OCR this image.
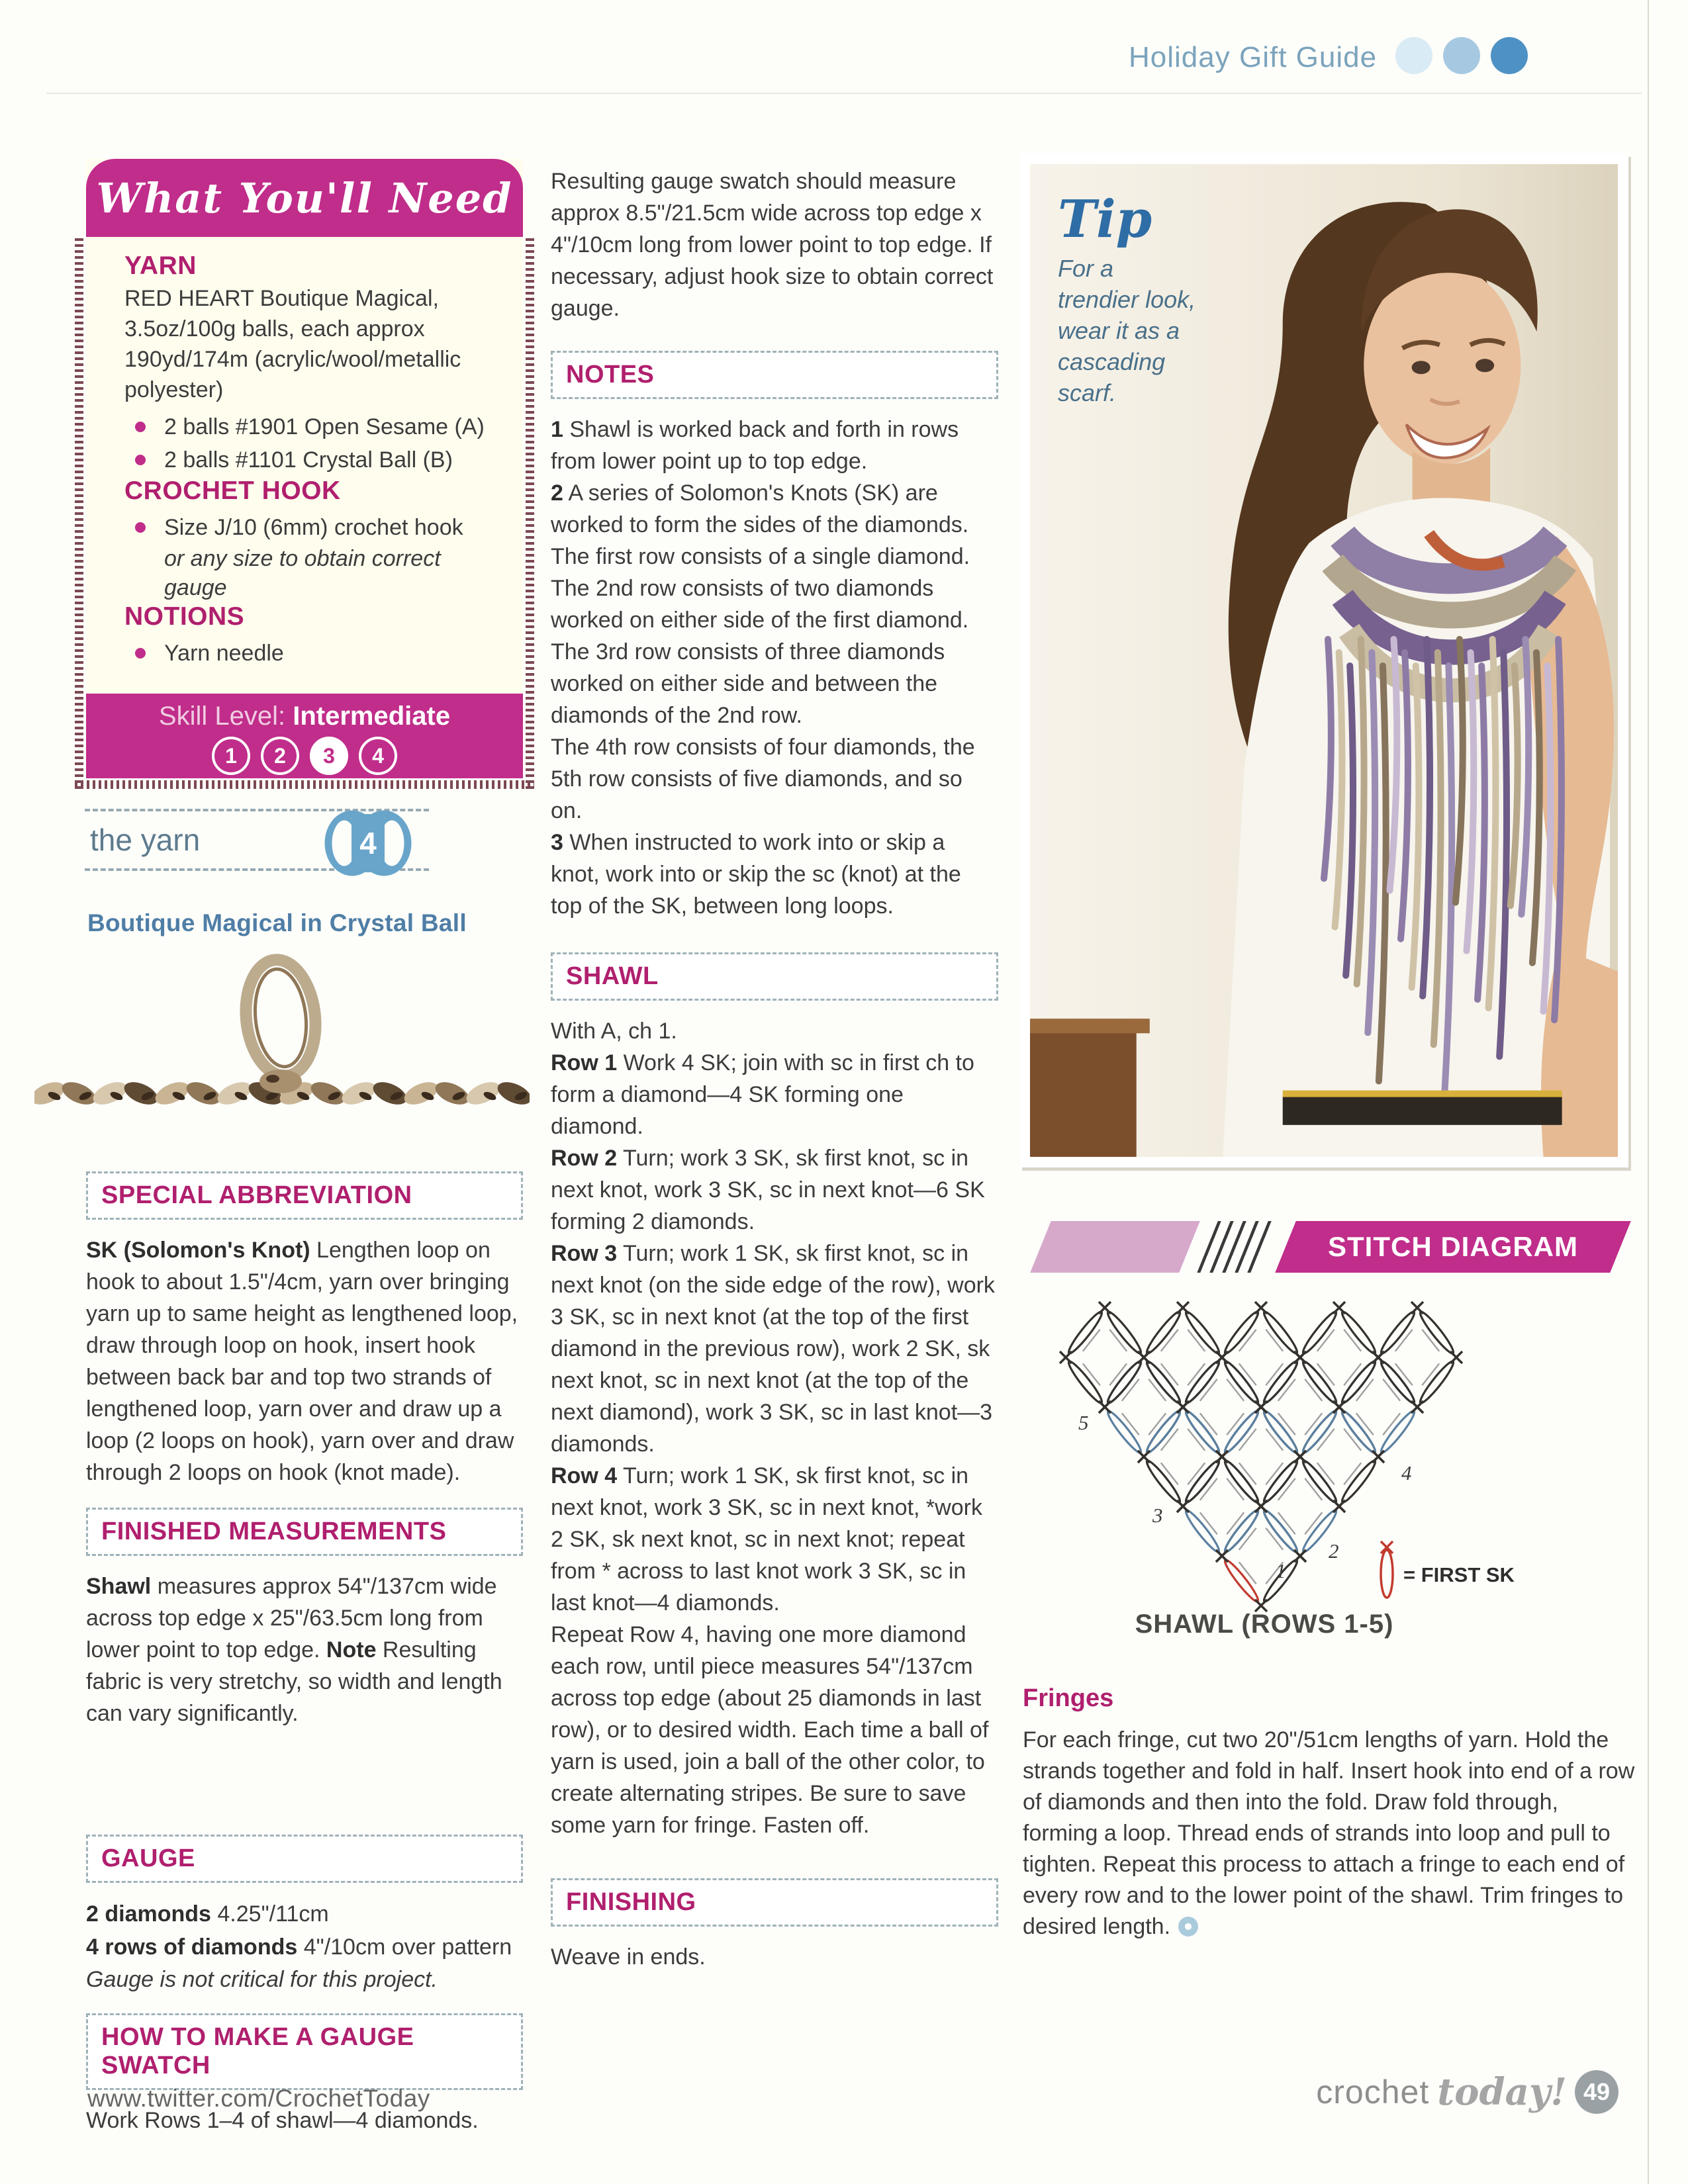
Holiday Gift Guide
What You'll Need
YARN

RED HEART Boutique Magical, 3.5oz/100g balls, each approx 190yd/174m (acrylic/wool/metallic polyester)

2 balls #1901 Open Sesame (A)
2 balls #1101 Crystal Ball (B)
CROCHET HOOK
Size J/10 (6mm) crochet hook
or any size to obtain correct gauge
NOTIONS
Yarn needle
Skill Level: Intermediate
1	2	3	4
the yarn	4
Boutique Magical in Crystal Ball
SPECIAL ABBREVIATION
SK (Solomon's Knot) Lengthen loop on hook to about 1.5"/4cm, yarn over bringing yarn up to same height as lengthened loop, draw through loop on hook, insert hook between back bar and top two strands of lengthened loop, yarn over and draw up a loop (2 loops on hook), yarn over and draw through 2 loops on hook (knot made).
FINISHED MEASUREMENTS
Shawl measures approx 54"/137cm wide across top edge x 25"/63.5cm long from lower point to top edge. Note Resulting fabric is very stretchy, so width and length can vary significantly.
GAUGE
2 diamonds 4.25"/11cm
4 rows of diamonds 4"/10cm over pattern
Gauge is not critical for this project.
HOW TO MAKE A GAUGE SWATCH
Work Rows 1–4 of shawl—4 diamonds.
Resulting gauge swatch should measure approx 8.5"/21.5cm wide across top edge x 4"/10cm long from lower point to top edge. If necessary, adjust hook size to obtain correct gauge.
NOTES
1 Shawl is worked back and forth in rows from lower point up to top edge.
2 A series of Solomon's Knots (SK) are worked to form the sides of the diamonds. The first row consists of a single diamond. The 2nd row consists of two diamonds worked on either side of the first diamond. The 3rd row consists of three diamonds worked on either side and between the diamonds of the 2nd row.
The 4th row consists of four diamonds, the 5th row consists of five diamonds, and so on.
3 When instructed to work into or skip a knot, work into or skip the sc (knot) at the top of the SK, between long loops.
SHAWL
With A, ch 1.
Row 1 Work 4 SK; join with sc in first ch to form a diamond—4 SK forming one diamond.
Row 2 Turn; work 3 SK, sk first knot, sc in next knot, work 3 SK, sc in next knot—6 SK forming 2 diamonds.
Row 3 Turn; work 1 SK, sk first knot, sc in next knot (on the side edge of the row), work 3 SK, sc in next knot (at the top of the first diamond in the previous row), work 2 SK, sk next knot, sc in next knot (at the top of the next diamond), work 3 SK, sc in last knot—3 diamonds.
Row 4 Turn; work 1 SK, sk first knot, sc in next knot, work 3 SK, sc in next knot, *work 2 SK, sk next knot, sc in next knot; repeat from * across to last knot work 3 SK, sc in last knot—4 diamonds.
Repeat Row 4, having one more diamond each row, until piece measures 54"/137cm across top edge (about 25 diamonds in last row), or to desired width. Each time a ball of yarn is used, join a ball of the other color, to create alternating stripes. Be sure to save some yarn for fringe. Fasten off.
FINISHING
Weave in ends.
Tip
For a trendier look, wear it as a cascading scarf.
STITCH DIAGRAM
1
2
3
4
5
= FIRST SK
SHAWL (ROWS 1-5)
Fringes

For each fringe, cut two 20"/51cm lengths of yarn. Hold the strands together and fold in half. Insert hook into end of a row of diamonds and then into the fold. Draw fold through, forming a loop. Thread ends of strands into loop and pull to tighten. Repeat this process to attach a fringe to each end of every row and to the lower point of the shawl. Trim fringes to desired length.

www.twitter.com/CrochetToday	crochet today! 49
